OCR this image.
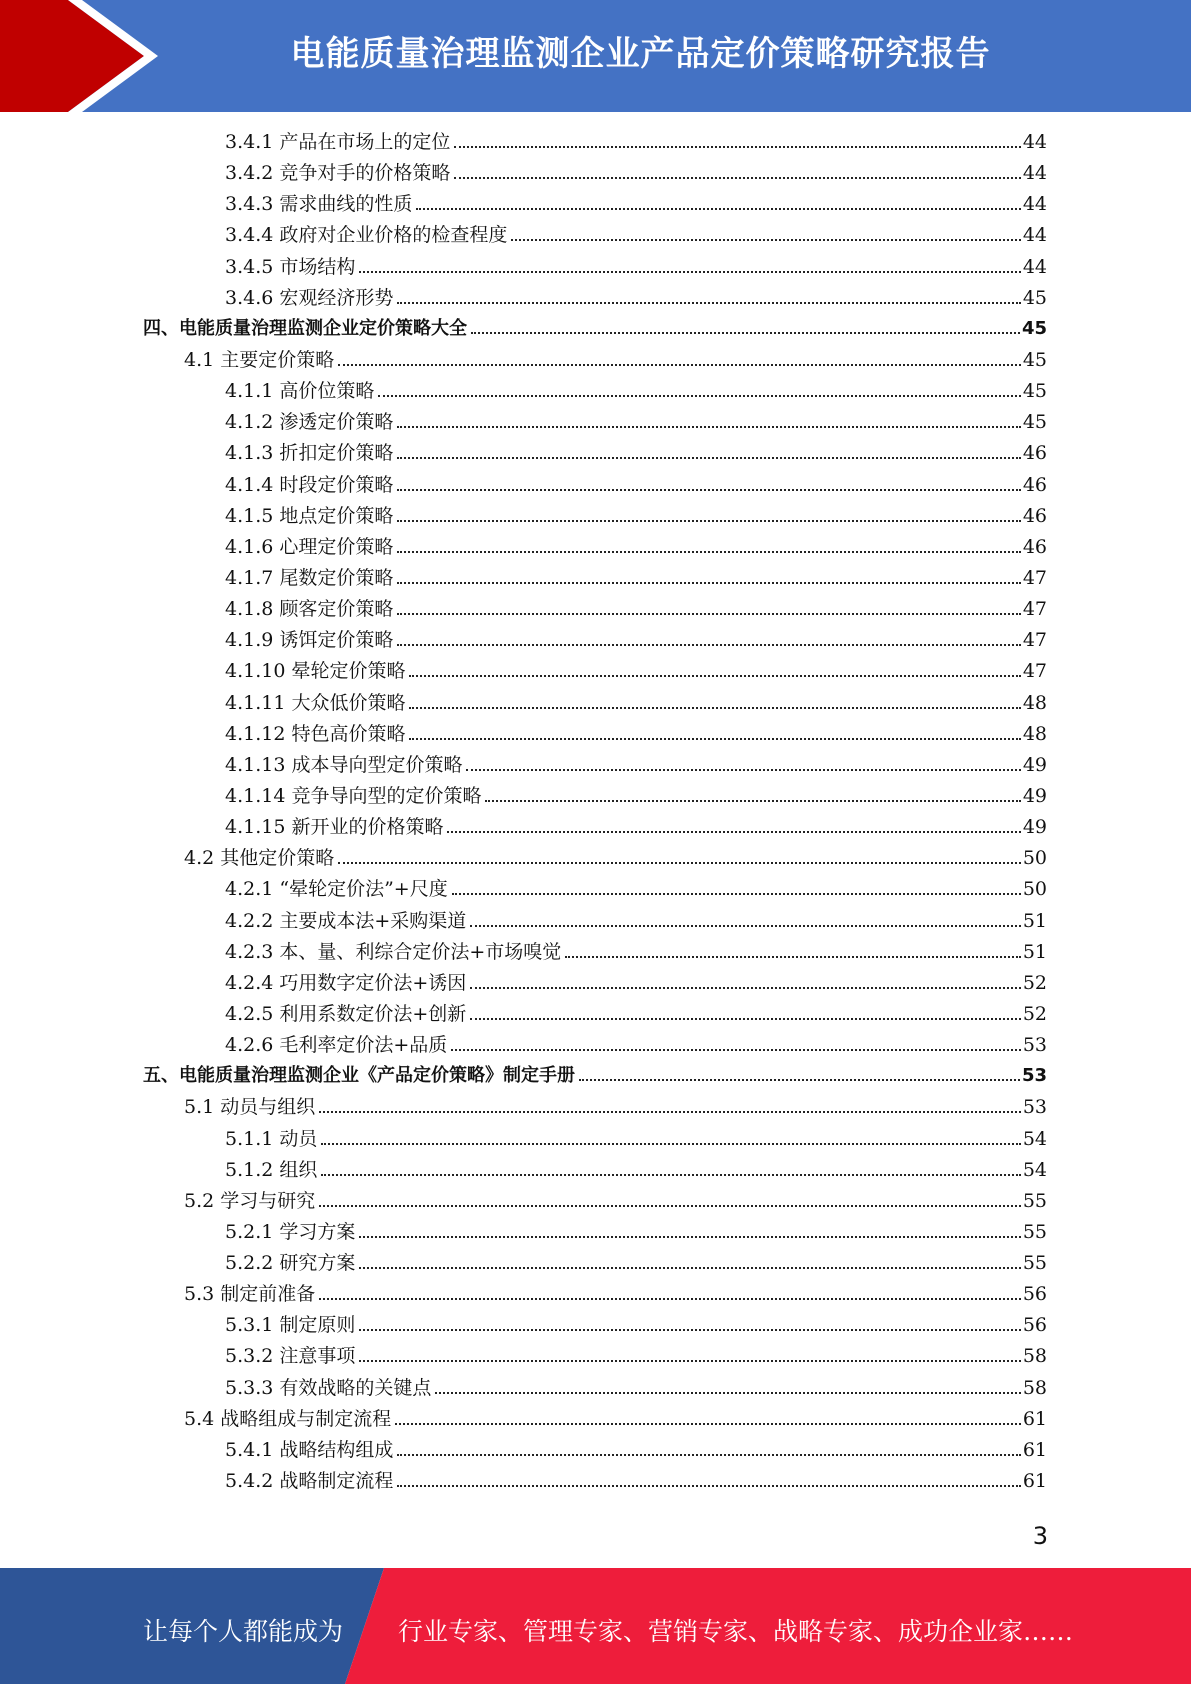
电能质量治理监测企业产品定价策略研究报告
3.4.1 产品在市场上的定位	44
3.4.2 竞争对手的价格策略	44
3.4.3 需求曲线的性质	44
3.4.4 政府对企业价格的检查程度	44
3.4.5 市场结构	44
3.4.6 宏观经济形势	45
四、电能质量治理监测企业定价策略大全	45
4.1 主要定价策略	45
4.1.1 高价位策略	45
4.1.2 渗透定价策略	45
4.1.3 折扣定价策略	46
4.1.4 时段定价策略	46
4.1.5 地点定价策略	46
4.1.6 心理定价策略	46
4.1.7 尾数定价策略	47
4.1.8 顾客定价策略	47
4.1.9 诱饵定价策略	47
4.1.10 晕轮定价策略	47
4.1.11 大众低价策略	48
4.1.12 特色高价策略	48
4.1.13 成本导向型定价策略	49
4.1.14 竞争导向型的定价策略	49
4.1.15 新开业的价格策略	49
4.2 其他定价策略	50
4.2.1 “晕轮定价法”+尺度	50
4.2.2 主要成本法+采购渠道	51
4.2.3 本、量、利综合定价法+市场嗅觉	51
4.2.4 巧用数字定价法+诱因	52
4.2.5 利用系数定价法+创新	52
4.2.6 毛利率定价法+品质	53
五、电能质量治理监测企业《产品定价策略》制定手册	53
5.1 动员与组织	53
5.1.1 动员	54
5.1.2 组织	54
5.2 学习与研究	55
5.2.1 学习方案	55
5.2.2 研究方案	55
5.3 制定前准备	56
5.3.1 制定原则	56
5.3.2 注意事项	58
5.3.3 有效战略的关键点	58
5.4 战略组成与制定流程	61
5.4.1 战略结构组成	61
5.4.2 战略制定流程	61
3
让每个人都能成为 行业专家、管理专家、营销专家、战略专家、成功企业家……
